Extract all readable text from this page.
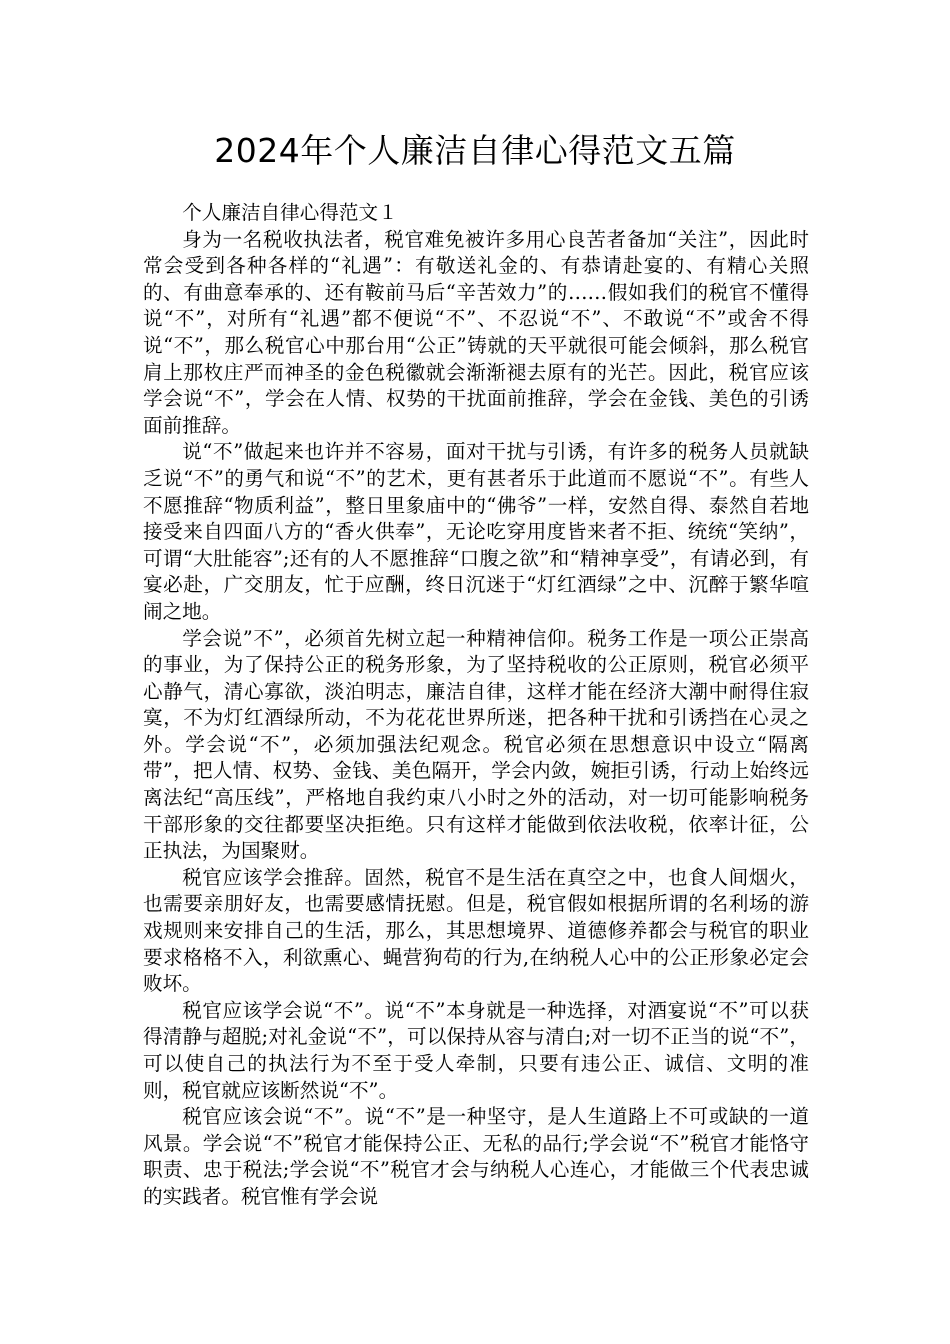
2024年个人廉洁自律心得范文五篇

个人廉洁自律心得范文１

身为一名税收执法者，税官难免被许多用心良苦者备加“关注”，因此时常会受到各种各样的“礼遇”：有敬送礼金的、有恭请赴宴的、有精心关照的、有曲意奉承的、还有鞍前马后“辛苦效力”的……假如我们的税官不懂得说“不”，对所有“礼遇”都不便说“不”、不忍说“不”、不敢说“不”或舍不得说“不”，那么税官心中那台用“公正”铸就的天平就很可能会倾斜，那么税官肩上那枚庄严而神圣的金色税徽就会渐渐褪去原有的光芒。因此，税官应该学会说“不”，学会在人情、权势的干扰面前推辞，学会在金钱、美色的引诱面前推辞。

说“不”做起来也许并不容易，面对干扰与引诱，有许多的税务人员就缺乏说“不”的勇气和说“不”的艺术，更有甚者乐于此道而不愿说“不”。有些人不愿推辞“物质利益”，整日里象庙中的“佛爷”一样，安然自得、泰然自若地接受来自四面八方的“香火供奉”，无论吃穿用度皆来者不拒、统统“笑纳”，可谓“大肚能容”;还有的人不愿推辞“口腹之欲”和“精神享受”，有请必到，有宴必赴，广交朋友，忙于应酬，终日沉迷于“灯红酒绿”之中、沉醉于繁华喧闹之地。

学会说”不”，必须首先树立起一种精神信仰。税务工作是一项公正崇高的事业，为了保持公正的税务形象，为了坚持税收的公正原则，税官必须平心静气，清心寡欲，淡泊明志，廉洁自律，这样才能在经济大潮中耐得住寂寞，不为灯红酒绿所动，不为花花世界所迷，把各种干扰和引诱挡在心灵之外。学会说“不”，必须加强法纪观念。税官必须在思想意识中设立“隔离带”，把人情、权势、金钱、美色隔开，学会内敛，婉拒引诱，行动上始终远离法纪“高压线”，严格地自我约束八小时之外的活动，对一切可能影响税务干部形象的交往都要坚决拒绝。只有这样才能做到依法收税，依率计征，公正执法，为国聚财。

税官应该学会推辞。固然，税官不是生活在真空之中，也食人间烟火，也需要亲朋好友，也需要感情抚慰。但是，税官假如根据所谓的名利场的游戏规则来安排自己的生活，那么，其思想境界、道德修养都会与税官的职业要求格格不入，利欲熏心、蝇营狗苟的行为,在纳税人心中的公正形象必定会败坏。

税官应该学会说“不”。说“不”本身就是一种选择，对酒宴说“不”可以获得清静与超脱;对礼金说“不”，可以保持从容与清白;对一切不正当的说“不”，可以使自己的执法行为不至于受人牵制，只要有违公正、诚信、文明的准则，税官就应该断然说“不”。

税官应该会说“不”。说“不”是一种坚守，是人生道路上不可或缺的一道风景。学会说“不”税官才能保持公正、无私的品行;学会说“不”税官才能恪守职责、忠于税法;学会说“不”税官才会与纳税人心连心，才能做三个代表忠诚的实践者。税官惟有学会说
